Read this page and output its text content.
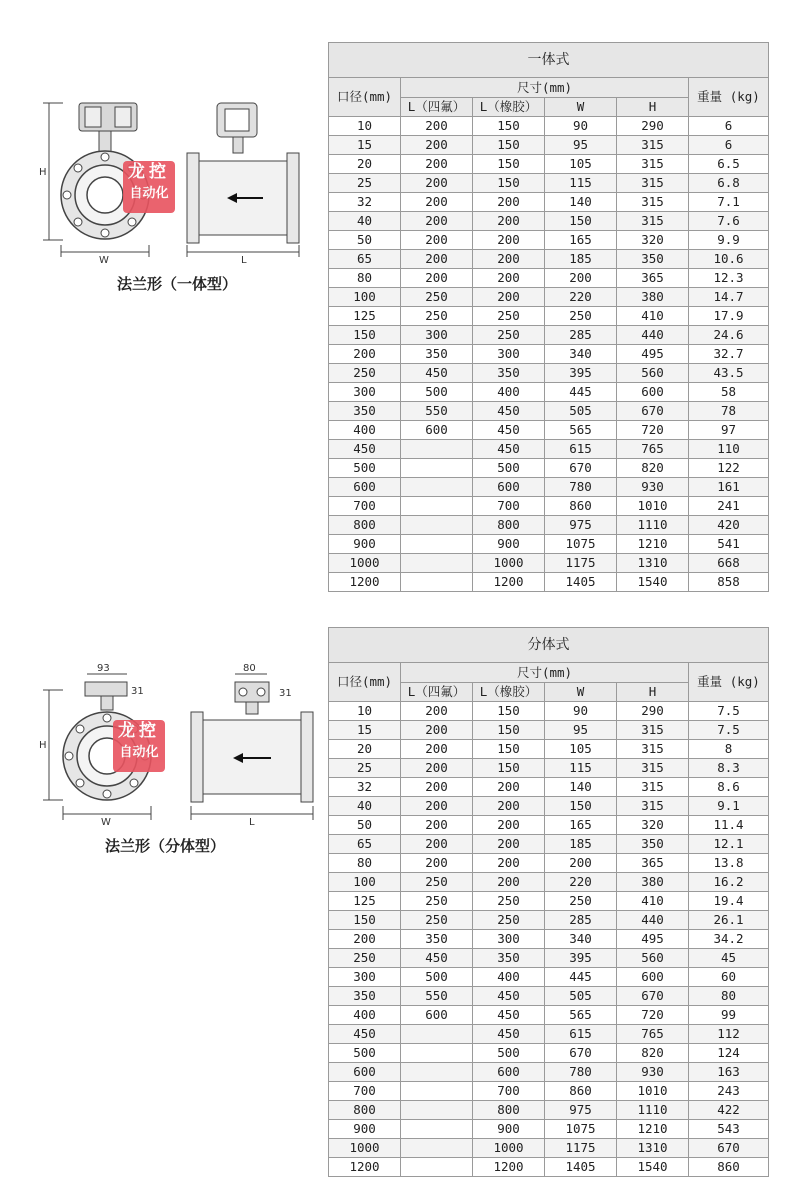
H
W	L
龙控
自动化
法兰形（一体型）
一体式					
口径(mm)	尺寸(mm)				重量 (kg)
	L（四氟）	L（橡胶）	W	H	
10	200	150	90	290	6
15	200	150	95	315	6
20	200	150	105	315	6.5
25	200	150	115	315	6.8
32	200	200	140	315	7.1
40	200	200	150	315	7.6
50	200	200	165	320	9.9
65	200	200	185	350	10.6
80	200	200	200	365	12.3
100	250	200	220	380	14.7
125	250	250	250	410	17.9
150	300	250	285	440	24.6
200	350	300	340	495	32.7
250	450	350	395	560	43.5
300	500	400	445	600	58
350	550	450	505	670	78
400	600	450	565	720	97
450		450	615	765	110
500		500	670	820	122
600		600	780	930	161
700		700	860	1010	241
800		800	975	1110	420
900		900	1075	1210	541
1000		1000	1175	1310	668
1200		1200	1405	1540	858
93
31
H
W
80
31
L
龙控
自动化
法兰形（分体型）
分体式					
口径(mm)	尺寸(mm)				重量 (kg)
	L（四氟）	L（橡胶）	W	H	
10	200	150	90	290	7.5
15	200	150	95	315	7.5
20	200	150	105	315	8
25	200	150	115	315	8.3
32	200	200	140	315	8.6
40	200	200	150	315	9.1
50	200	200	165	320	11.4
65	200	200	185	350	12.1
80	200	200	200	365	13.8
100	250	200	220	380	16.2
125	250	250	250	410	19.4
150	250	250	285	440	26.1
200	350	300	340	495	34.2
250	450	350	395	560	45
300	500	400	445	600	60
350	550	450	505	670	80
400	600	450	565	720	99
450		450	615	765	112
500		500	670	820	124
600		600	780	930	163
700		700	860	1010	243
800		800	975	1110	422
900		900	1075	1210	543
1000		1000	1175	1310	670
1200		1200	1405	1540	860
